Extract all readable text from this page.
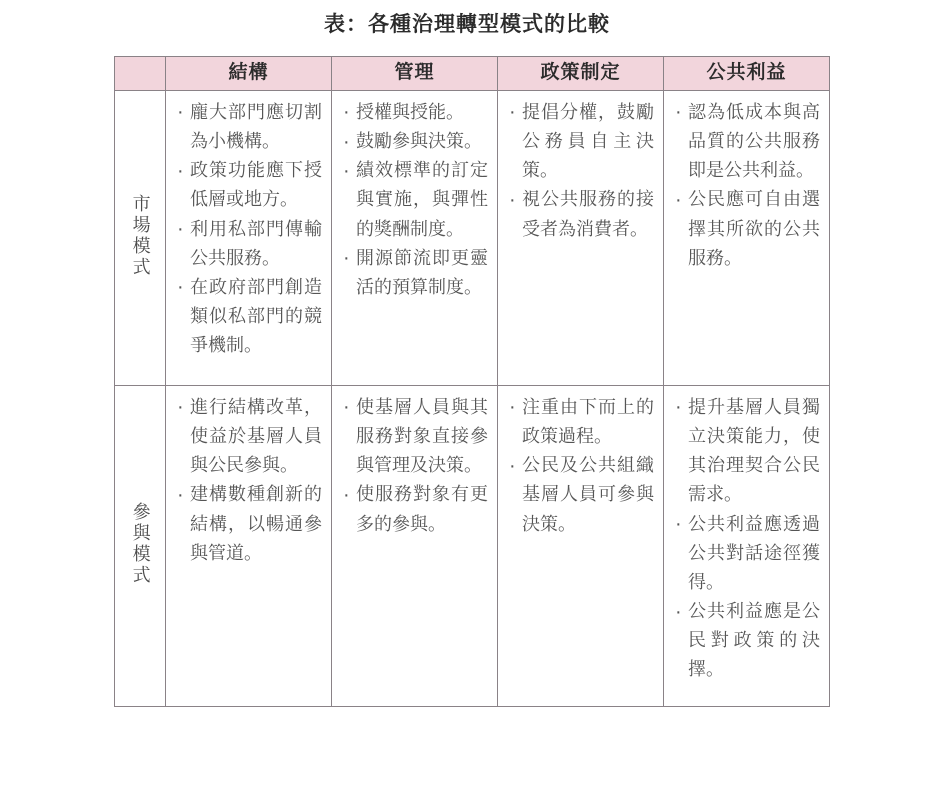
表：各種治理轉型模式的比較
	結構	管理	政策制定	公共利益
市場模式	
· 龐大部門應切割為小機構。
· 政策功能應下授低層或地方。
· 利用私部門傳輸公共服務。
· 在政府部門創造類似私部門的競爭機制。

· 授權與授能。
· 鼓勵參與決策。
· 績效標準的訂定與實施，與彈性的獎酬制度。
· 開源節流即更靈活的預算制度。

· 提倡分權，鼓勵公務員自主決策。
· 視公共服務的接受者為消費者。

· 認為低成本與高品質的公共服務即是公共利益。
· 公民應可自由選擇其所欲的公共服務。

參與模式	
· 進行結構改革，使益於基層人員與公民參與。
· 建構數種創新的結構，以暢通參與管道。

· 使基層人員與其服務對象直接參與管理及決策。
· 使服務對象有更多的參與。

· 注重由下而上的政策過程。
· 公民及公共組織基層人員可參與決策。

· 提升基層人員獨立決策能力，使其治理契合公民需求。
· 公共利益應透過公共對話途徑獲得。
· 公共利益應是公民對政策的決擇。
